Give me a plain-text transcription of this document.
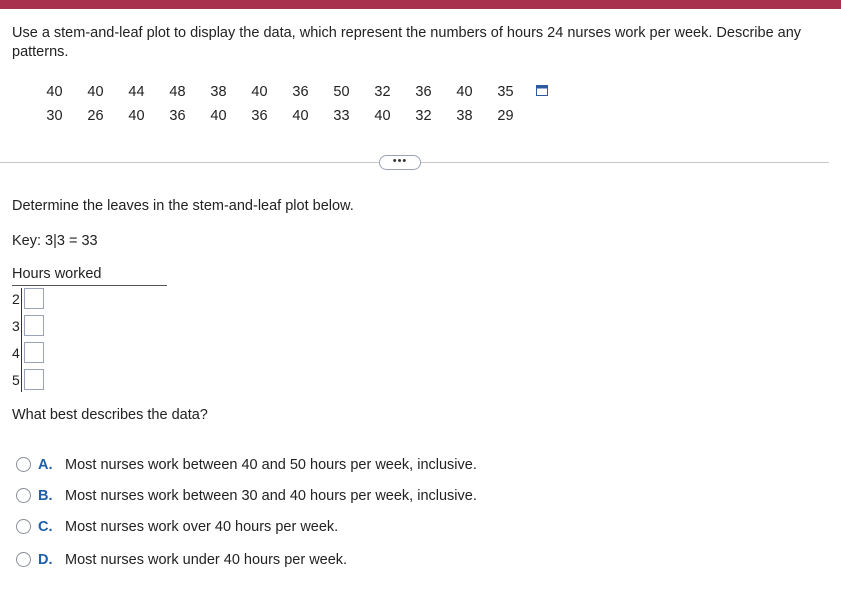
Use a stem-and-leaf plot to display the data, which represent the numbers of hours 24 nurses work per week. Describe any patterns.
40	40	44	48	38	40	36	50	32	36	40	35
30	26	40	36	40	36	40	33	40	32	38	29
•••
Determine the leaves in the stem-and-leaf plot below.
Key: 3|3 = 33
Hours worked
2
3
4
5
What best describes the data?
A. Most nurses work between 40 and 50 hours per week, inclusive.
B. Most nurses work between 30 and 40 hours per week, inclusive.
C. Most nurses work over 40 hours per week.
D. Most nurses work under 40 hours per week.
